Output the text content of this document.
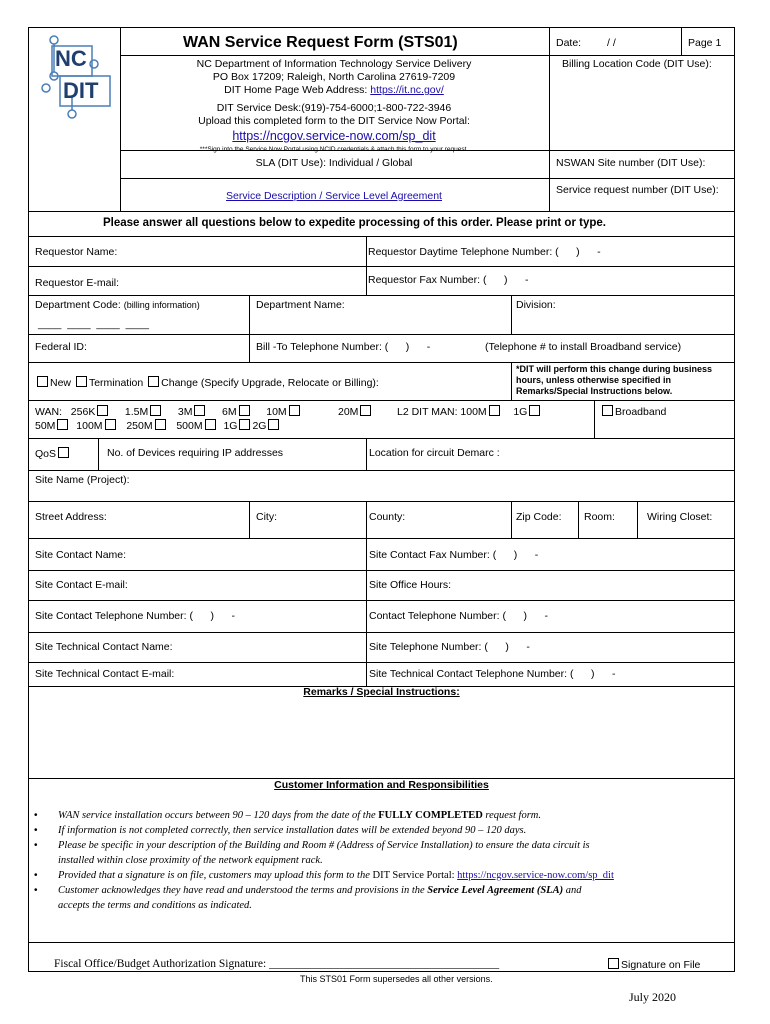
NC
DIT
WAN Service Request Form (STS01)	Date: / /	Page 1
NC Department of Information Technology Service Delivery
PO Box 17209; Raleigh, North Carolina 27619-7209
DIT Home Page Web Address: https://it.nc.gov/
DIT Service Desk:(919)-754-6000;1-800-722-3946
Upload this completed form to the DIT Service Now Portal:
https://ncgov.service-now.com/sp_dit
***Sign into the Service Now Portal using NCID credentials & attach this form to your request.
SLA (DIT Use): Individual / Global
Service Description / Service Level Agreement
Billing Location Code (DIT Use):
NSWAN Site number (DIT Use):
Service request number (DIT Use):
Please answer all questions below to expedite processing of this order. Please print or type.
Requestor Name:	Requestor Daytime Telephone Number: (      )      -
Requestor E-mail:	Requestor Fax Number: (      )      -
Department Code: (billing information)
____  ____  ____  ____
Department Name:	Division:
Federal ID:	Bill -To Telephone Number: (      )      -	(Telephone # to install Broadband service)
New Termination Change (Specify Upgrade, Relocate or Billing):
*DIT will perform this change during business hours, unless otherwise specified in Remarks/Special Instructions below.
WAN: 256K	1.5M	3M	6M	10M	20M
50M 100M 250M 500M 1G 2G
L2 DIT MAN: 100M	1G	Broadband
QoS	No. of Devices requiring IP addresses	Location for circuit Demarc :
Site Name (Project):
Street Address:	City:	County:	Zip Code: Room:	Wiring Closet:
Site Contact Name:	Site Contact Fax Number: (      )      -
Site Contact E-mail:	Site Office Hours:
Site Contact Telephone Number: (      )      -	Contact Telephone Number: (      )      -
Site Technical Contact Name:	Site Telephone Number: (      )      -
Site Technical Contact E-mail:	Site Technical Contact Telephone Number: (      )      -
Remarks / Special Instructions:
Customer Information and Responsibilities
• WAN service installation occurs between 90 – 120 days from the date of the FULLY COMPLETED request form.
• If information is not completed correctly, then service installation dates will be extended beyond 90 – 120 days.
• Please be specific in your description of the Building and Room # (Address of Service Installation) to ensure the data circuit is
installed within close proximity of the network equipment rack.
• Provided that a signature is on file, customers may upload this form to the DIT Service Portal: https://ncgov.service-now.com/sp_dit
• Customer acknowledges they have read and understood the terms and provisions in the Service Level Agreement (SLA) and
accepts the terms and conditions as indicated.
Fiscal Office/Budget Authorization Signature: ________________________________________	Signature on File
This STS01 Form supersedes all other versions.
July 2020
